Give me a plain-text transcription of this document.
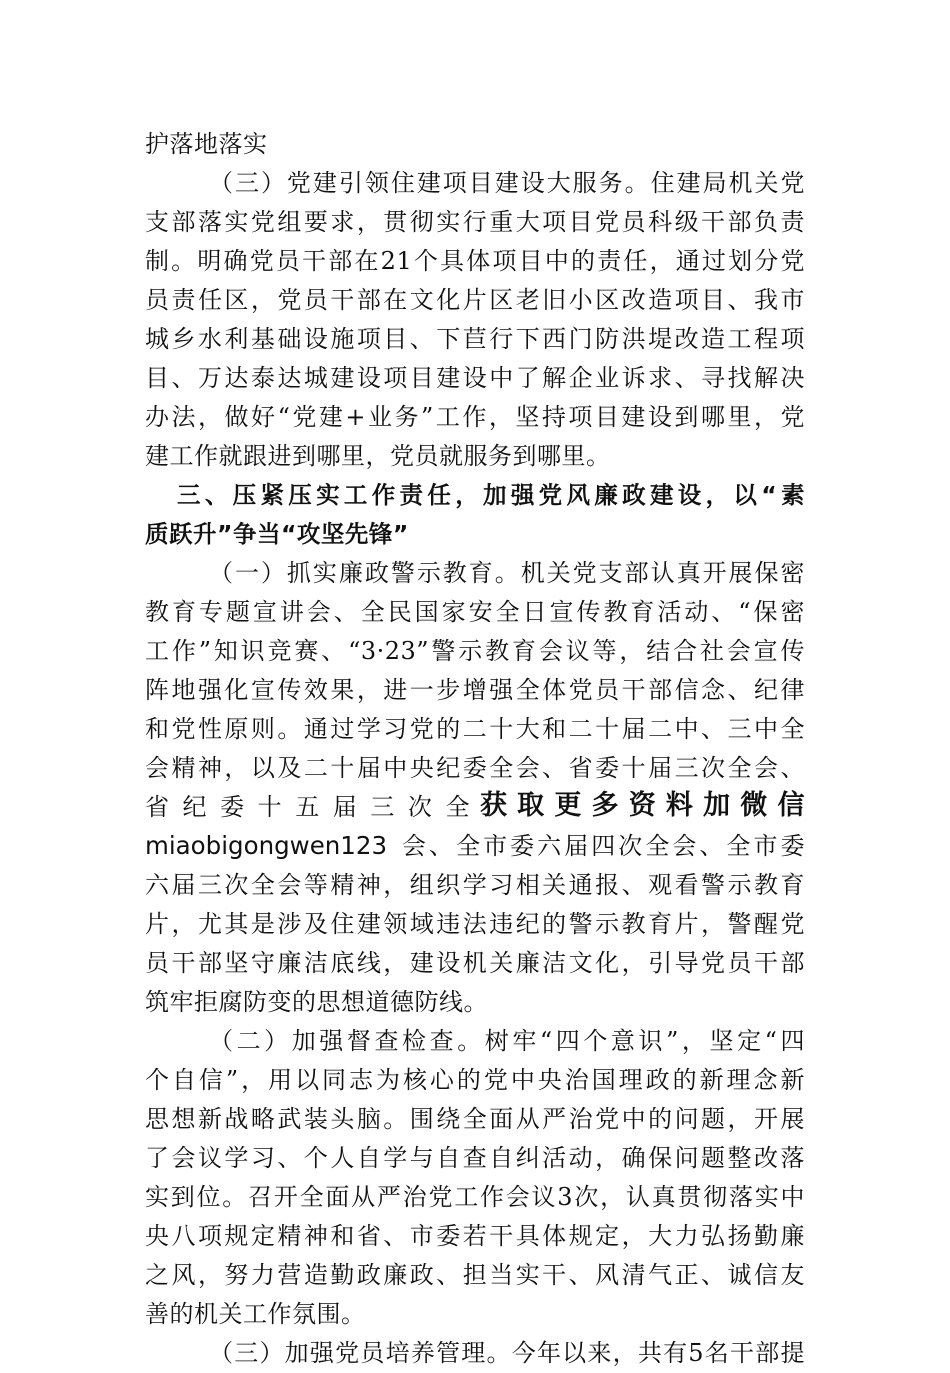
护落地落实
（三）党建引领住建项目建设大服务。住建局机关党
支部落实党组要求，贯彻实行重大项目党员科级干部负责
制。明确党员干部在21个具体项目中的责任，通过划分党
员责任区，党员干部在文化片区老旧小区改造项目、我市
城乡水利基础设施项目、下苣行下西门防洪堤改造工程项
目、万达泰达城建设项目建设中了解企业诉求、寻找解决
办法，做好“党建+业务”工作，坚持项目建设到哪里，党
建工作就跟进到哪里，党员就服务到哪里。
三、压紧压实工作责任，加强党风廉政建设，以“素
质跃升”争当“攻坚先锋”
（一）抓实廉政警示教育。机关党支部认真开展保密
教育专题宣讲会、全民国家安全日宣传教育活动、“保密
工作”知识竞赛、“3·23”警示教育会议等，结合社会宣传
阵地强化宣传效果，进一步增强全体党员干部信念、纪律
和党性原则。通过学习党的二十大和二十届二中、三中全
会精神，以及二十届中央纪委全会、省委十届三次全会、
省纪委十五届三次全 获取更多资料加微信
miaobigongwen123 会、全市委六届四次全会、全市委
六届三次全会等精神，组织学习相关通报、观看警示教育
片，尤其是涉及住建领域违法违纪的警示教育片，警醒党
员干部坚守廉洁底线，建设机关廉洁文化，引导党员干部
筑牢拒腐防变的思想道德防线。
（二）加强督查检查。树牢“四个意识”，坚定“四
个自信”，用以同志为核心的党中央治国理政的新理念新
思想新战略武装头脑。围绕全面从严治党中的问题，开展
了会议学习、个人自学与自查自纠活动，确保问题整改落
实到位。召开全面从严治党工作会议3次，认真贯彻落实中
央八项规定精神和省、市委若干具体规定，大力弘扬勤廉
之风，努力营造勤政廉政、担当实干、风清气正、诚信友
善的机关工作氛围。
（三）加强党员培养管理。今年以来，共有5名干部提
